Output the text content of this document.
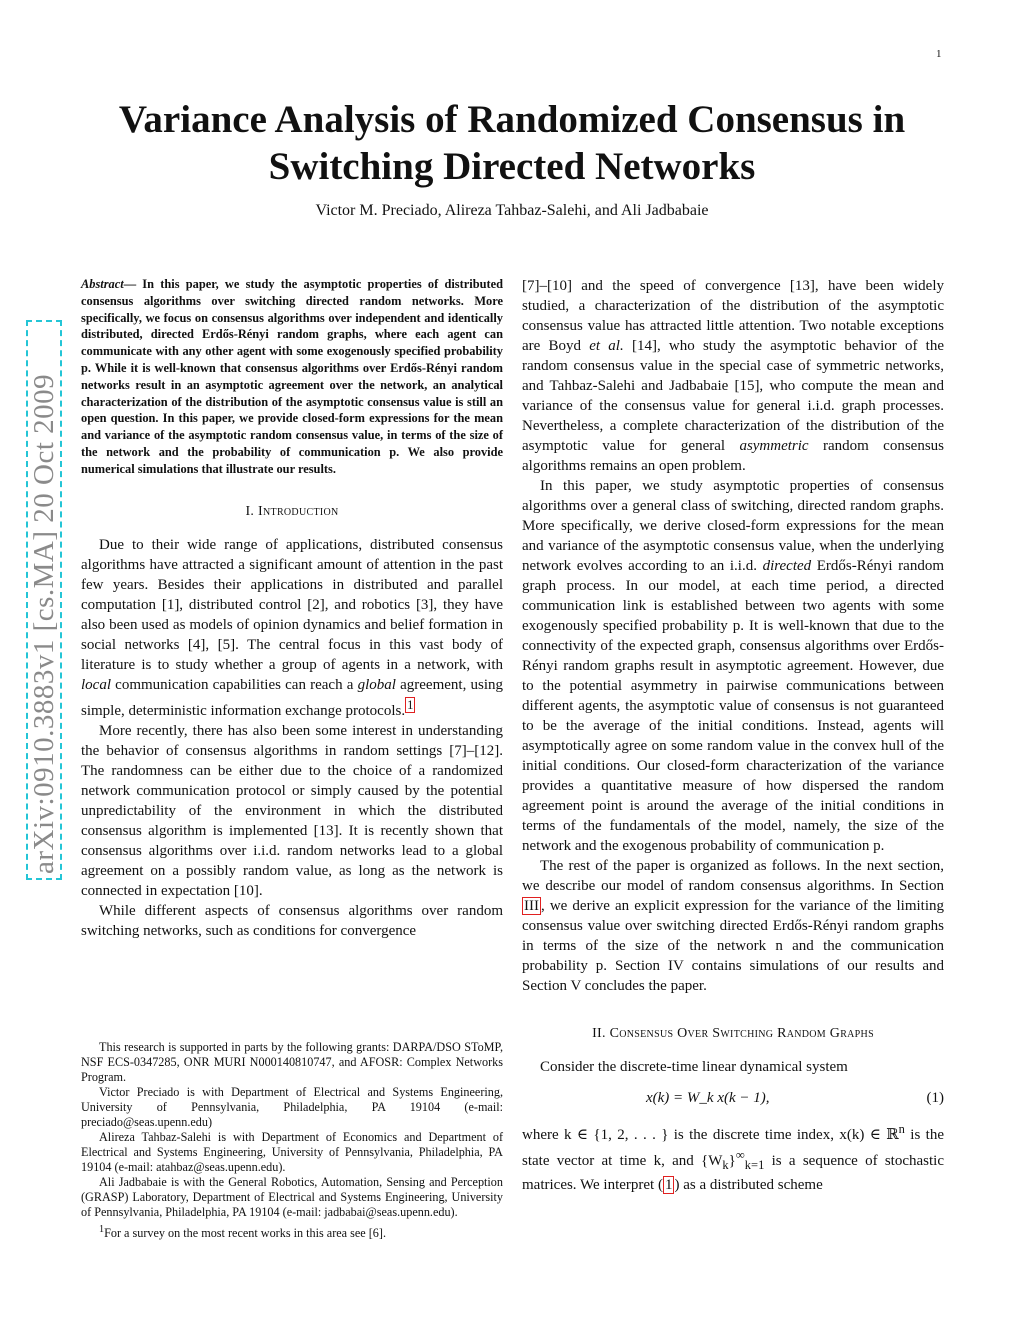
1
arXiv:0910.3883v1 [cs.MA] 20 Oct 2009
Variance Analysis of Randomized Consensus in Switching Directed Networks
Victor M. Preciado, Alireza Tahbaz-Salehi, and Ali Jadbabaie
Abstract— In this paper, we study the asymptotic properties of distributed consensus algorithms over switching directed random networks. More specifically, we focus on consensus algorithms over independent and identically distributed, directed Erdős-Rényi random graphs, where each agent can communicate with any other agent with some exogenously specified probability p. While it is well-known that consensus algorithms over Erdős-Rényi random networks result in an asymptotic agreement over the network, an analytical characterization of the distribution of the asymptotic consensus value is still an open question. In this paper, we provide closed-form expressions for the mean and variance of the asymptotic random consensus value, in terms of the size of the network and the probability of communication p. We also provide numerical simulations that illustrate our results.
I. Introduction

Due to their wide range of applications, distributed consensus algorithms have attracted a significant amount of attention in the past few years. Besides their applications in distributed and parallel computation [1], distributed control [2], and robotics [3], they have also been used as models of opinion dynamics and belief formation in social networks [4], [5]. The central focus in this vast body of literature is to study whether a group of agents in a network, with local communication capabilities can reach a global agreement, using simple, deterministic information exchange protocols. $^1$

More recently, there has also been some interest in understanding the behavior of consensus algorithms in random settings [7]–[12]. The randomness can be either due to the choice of a randomized network communication protocol or simply caused by the potential unpredictability of the environment in which the distributed consensus algorithm is implemented [13]. It is recently shown that consensus algorithms over i.i.d. random networks lead to a global agreement on a possibly random value, as long as the network is connected in expectation [10].

While different aspects of consensus algorithms over random switching networks, such as conditions for convergence

This research is supported in parts by the following grants: DARPA/DSO SToMP, NSF ECS-0347285, ONR MURI N000140810747, and AFOSR: Complex Networks Program.

Victor Preciado is with Department of Electrical and Systems Engineering, University of Pennsylvania, Philadelphia, PA 19104 (e-mail: preciado@seas.upenn.edu)

Alireza Tahbaz-Salehi is with Department of Economics and Department of Electrical and Systems Engineering, University of Pennsylvania, Philadelphia, PA 19104 (e-mail: atahbaz@seas.upenn.edu).

Ali Jadbabaie is with the General Robotics, Automation, Sensing and Perception (GRASP) Laboratory, Department of Electrical and Systems Engineering, University of Pennsylvania, Philadelphia, PA 19104 (e-mail: jadbabai@seas.upenn.edu).

$^1$For a survey on the most recent works in this area see [6].

[7]–[10] and the speed of convergence [13], have been widely studied, a characterization of the distribution of the asymptotic consensus value has attracted little attention. Two notable exceptions are Boyd et al. [14], who study the asymptotic behavior of the random consensus value in the special case of symmetric networks, and Tahbaz-Salehi and Jadbabaie [15], who compute the mean and variance of the consensus value for general i.i.d. graph processes. Nevertheless, a complete characterization of the distribution of the asymptotic value for general asymmetric random consensus algorithms remains an open problem.

In this paper, we study asymptotic properties of consensus algorithms over a general class of switching, directed random graphs. More specifically, we derive closed-form expressions for the mean and variance of the asymptotic consensus value, when the underlying network evolves according to an i.i.d. directed Erdős-Rényi random graph process. In our model, at each time period, a directed communication link is established between two agents with some exogenously specified probability p. It is well-known that due to the connectivity of the expected graph, consensus algorithms over Erdős-Rényi random graphs result in asymptotic agreement. However, due to the potential asymmetry in pairwise communications between different agents, the asymptotic value of consensus is not guaranteed to be the average of the initial conditions. Instead, agents will asymptotically agree on some random value in the convex hull of the initial conditions. Our closed-form characterization of the variance provides a quantitative measure of how dispersed the random agreement point is around the average of the initial conditions in terms of the fundamentals of the model, namely, the size of the network and the exogenous probability of communication p.

The rest of the paper is organized as follows. In the next section, we describe our model of random consensus algorithms. In Section III , we derive an explicit expression for the variance of the limiting consensus value over switching directed Erdős-Rényi random graphs in terms of the size of the network n and the communication probability p. Section IV contains simulations of our results and Section V concludes the paper.

II. Consensus Over Switching Random Graphs

Consider the discrete-time linear dynamical system

x(k) = W_k x(k − 1),	(1)

where k ∈ {1, 2, . . . } is the discrete time index, x(k) ∈ ℝ$^n$ is the state vector at time k, and $\{W_k\}^\infty_{k=1}$ is a sequence of stochastic matrices. We interpret ( 1 ) as a distributed scheme
